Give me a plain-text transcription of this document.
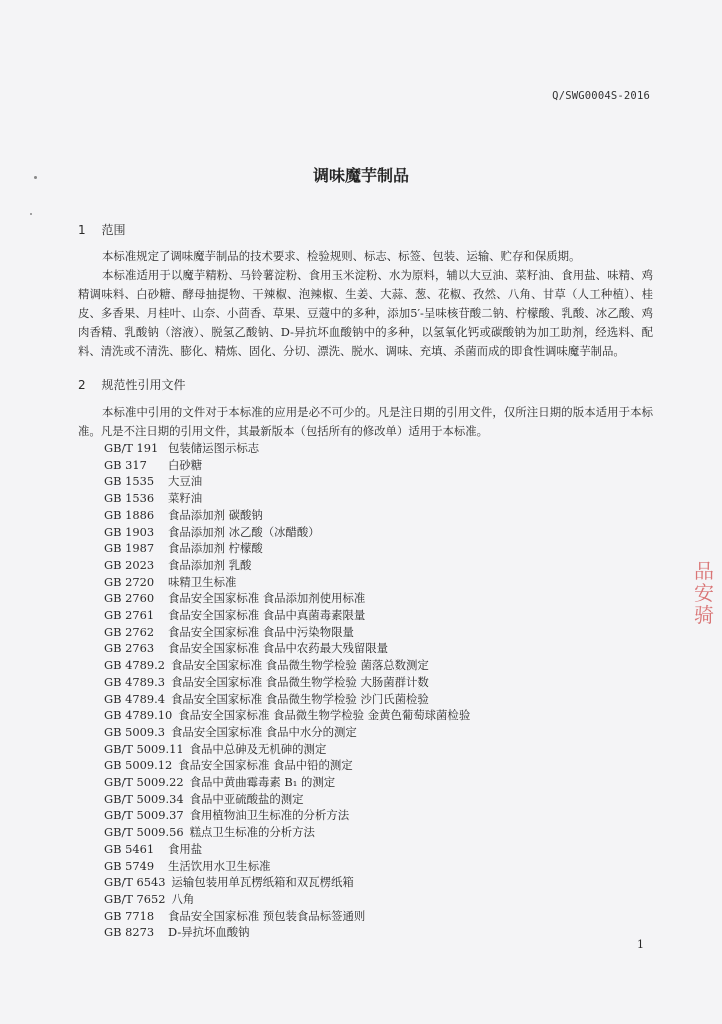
Q/SWG0004S-2016
调味魔芋制品
1 范围

本标准规定了调味魔芋制品的技术要求、检验规则、标志、标签、包装、运输、贮存和保质期。

本标准适用于以魔芋精粉、马铃薯淀粉、食用玉米淀粉、水为原料，辅以大豆油、菜籽油、食用盐、味精、鸡精调味料、白砂糖、酵母抽提物、干辣椒、泡辣椒、生姜、大蒜、葱、花椒、孜然、八角、甘草（人工种植）、桂皮、多香果、月桂叶、山奈、小茴香、草果、豆蔻中的多种，添加5′-呈味核苷酸二钠、柠檬酸、乳酸、冰乙酸、鸡肉香精、乳酸钠（溶液）、脱氢乙酸钠、D-异抗坏血酸钠中的多种，以氢氧化钙或碳酸钠为加工助剂，经选料、配料、清洗或不清洗、膨化、精炼、固化、分切、漂洗、脱水、调味、充填、杀菌而成的即食性调味魔芋制品。

2 规范性引用文件

本标准中引用的文件对于本标准的应用是必不可少的。凡是注日期的引用文件，仅所注日期的版本适用于本标准。凡是不注日期的引用文件，其最新版本（包括所有的修改单）适用于本标准。

GB/T 191 包装储运图示标志
GB 317 白砂糖
GB 1535 大豆油
GB 1536 菜籽油
GB 1886 食品添加剂 碳酸钠
GB 1903 食品添加剂 冰乙酸（冰醋酸）
GB 1987 食品添加剂 柠檬酸
GB 2023 食品添加剂 乳酸
GB 2720 味精卫生标准
GB 2760 食品安全国家标准 食品添加剂使用标准
GB 2761 食品安全国家标准 食品中真菌毒素限量
GB 2762 食品安全国家标准 食品中污染物限量
GB 2763 食品安全国家标准 食品中农药最大残留限量
GB 4789.2 食品安全国家标准 食品微生物学检验 菌落总数测定
GB 4789.3 食品安全国家标准 食品微生物学检验 大肠菌群计数
GB 4789.4 食品安全国家标准 食品微生物学检验 沙门氏菌检验
GB 4789.10 食品安全国家标准 食品微生物学检验 金黄色葡萄球菌检验
GB 5009.3 食品安全国家标准 食品中水分的测定
GB/T 5009.11 食品中总砷及无机砷的测定
GB 5009.12 食品安全国家标准 食品中铅的测定
GB/T 5009.22 食品中黄曲霉毒素 B₁ 的测定
GB/T 5009.34 食品中亚硫酸盐的测定
GB/T 5009.37 食用植物油卫生标准的分析方法
GB/T 5009.56 糕点卫生标准的分析方法
GB 5461 食用盐
GB 5749 生活饮用水卫生标准
GB/T 6543 运输包装用单瓦楞纸箱和双瓦楞纸箱
GB/T 7652 八角
GB 7718 食品安全国家标准 预包装食品标签通则
GB 8273 D-异抗坏血酸钠
1
品安骑
